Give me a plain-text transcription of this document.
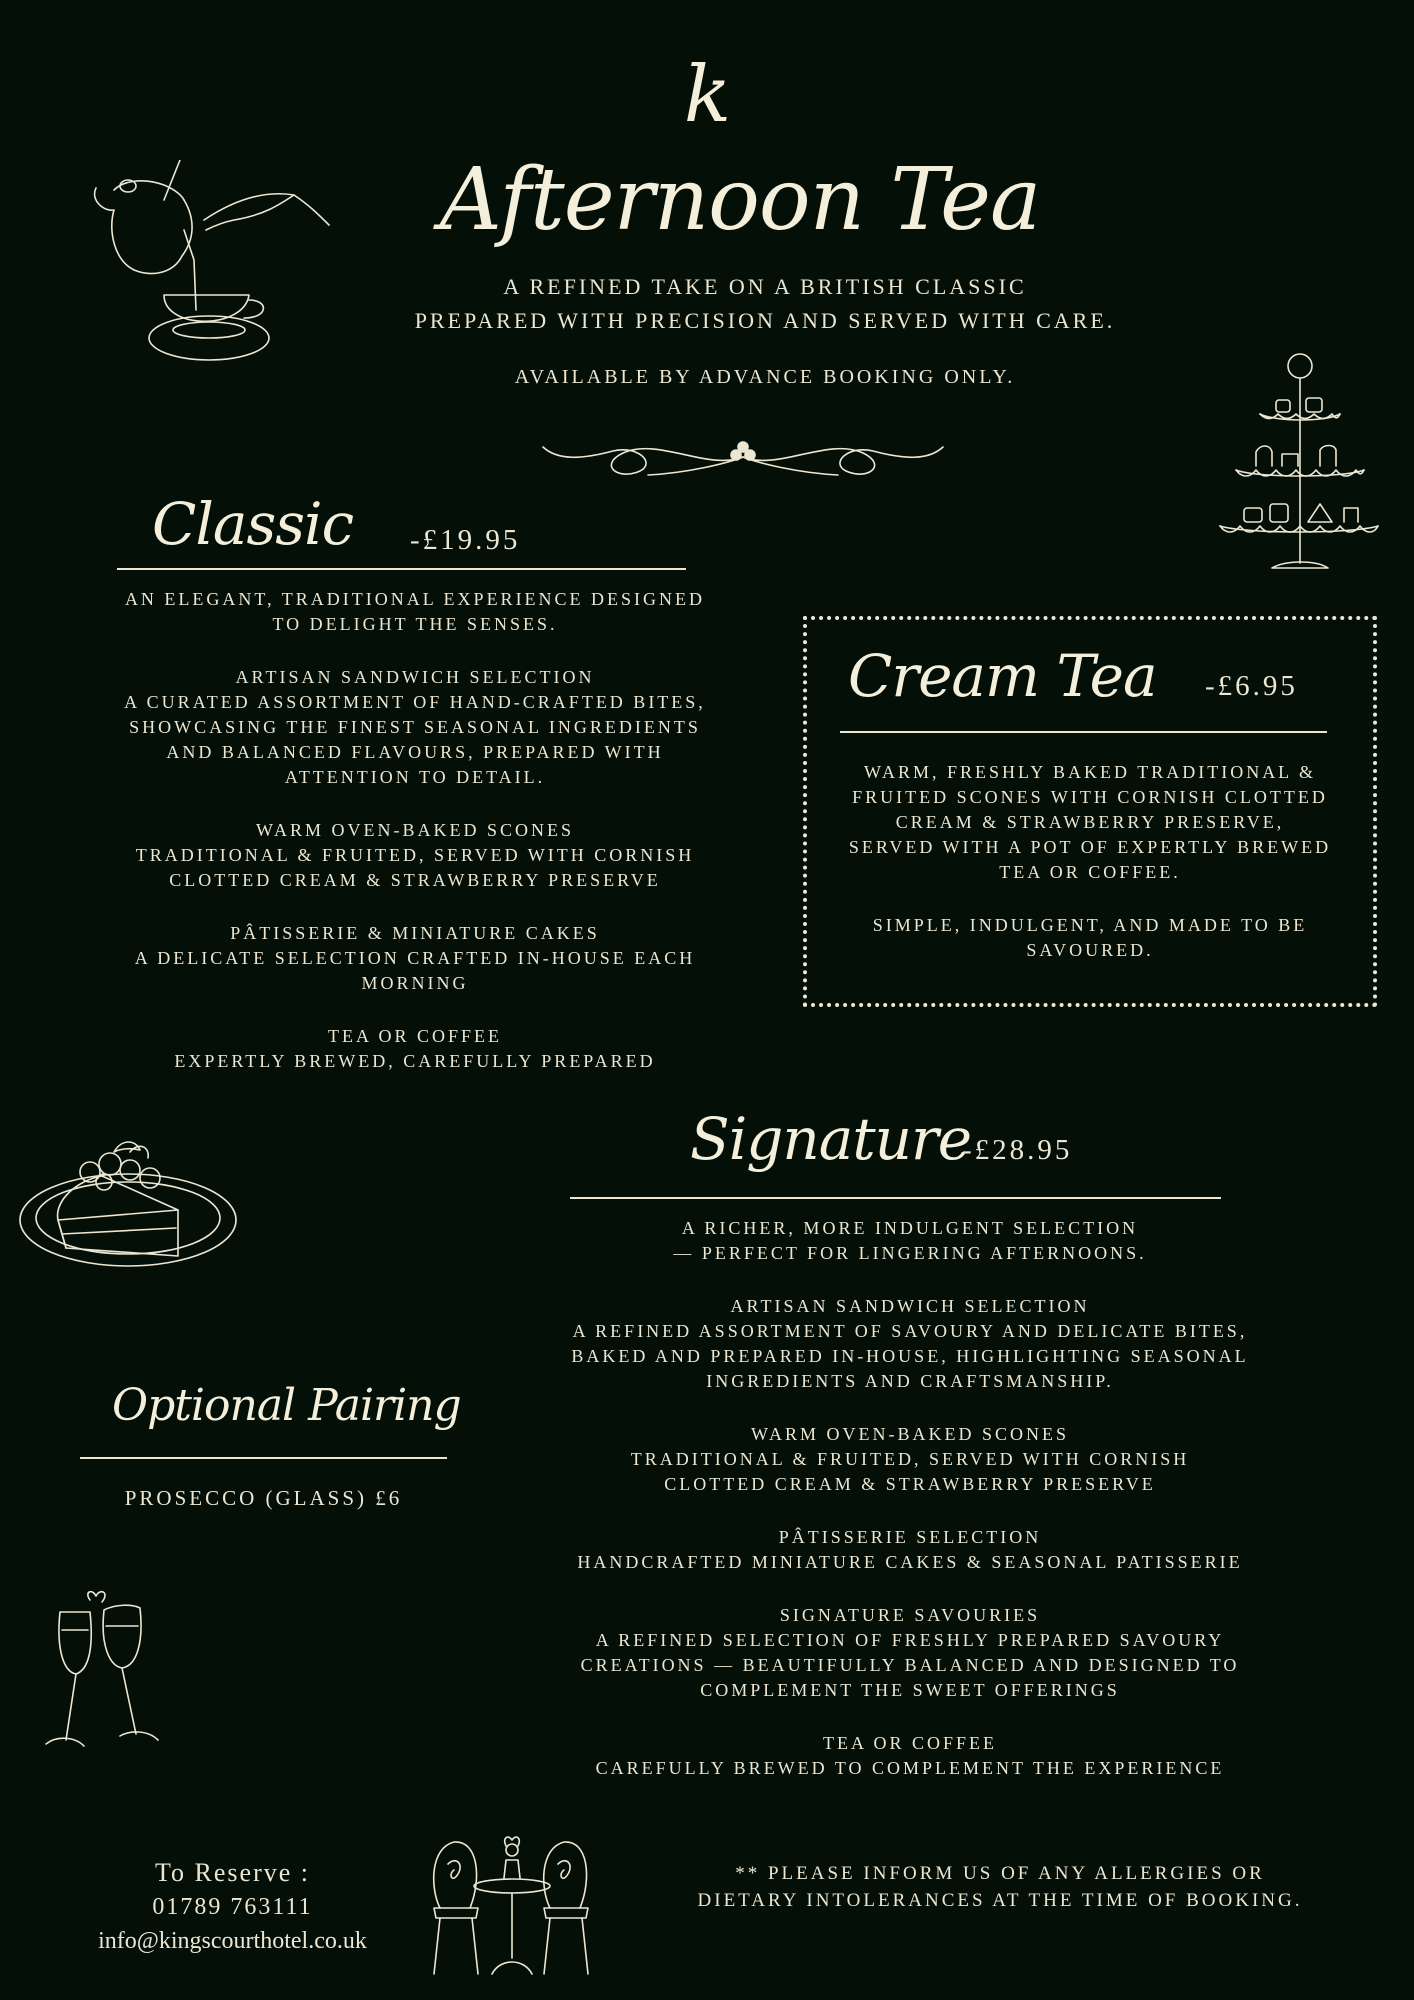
k
Afternoon Tea
A REFINED TAKE ON A BRITISH CLASSIC
PREPARED WITH PRECISION AND SERVED WITH CARE.
AVAILABLE BY ADVANCE BOOKING ONLY.
Classic -£19.95

AN ELEGANT, TRADITIONAL EXPERIENCE DESIGNED
TO DELIGHT THE SENSES.

ARTISAN SANDWICH SELECTION
A CURATED ASSORTMENT OF HAND-CRAFTED BITES,
SHOWCASING THE FINEST SEASONAL INGREDIENTS
AND BALANCED FLAVOURS, PREPARED WITH
ATTENTION TO DETAIL.

WARM OVEN-BAKED SCONES
TRADITIONAL & FRUITED, SERVED WITH CORNISH
CLOTTED CREAM & STRAWBERRY PRESERVE

PÂTISSERIE & MINIATURE CAKES
A DELICATE SELECTION CRAFTED IN-HOUSE EACH
MORNING

TEA OR COFFEE
EXPERTLY BREWED, CAREFULLY PREPARED

Cream Tea -£6.95

WARM, FRESHLY BAKED TRADITIONAL &
FRUITED SCONES WITH CORNISH CLOTTED
CREAM & STRAWBERRY PRESERVE,
SERVED WITH A POT OF EXPERTLY BREWED
TEA OR COFFEE.

SIMPLE, INDULGENT, AND MADE TO BE
SAVOURED.

Signature
-£28.95

A RICHER, MORE INDULGENT SELECTION
— PERFECT FOR LINGERING AFTERNOONS.

ARTISAN SANDWICH SELECTION
A REFINED ASSORTMENT OF SAVOURY AND DELICATE BITES,
BAKED AND PREPARED IN-HOUSE, HIGHLIGHTING SEASONAL
INGREDIENTS AND CRAFTSMANSHIP.

WARM OVEN-BAKED SCONES
TRADITIONAL & FRUITED, SERVED WITH CORNISH
CLOTTED CREAM & STRAWBERRY PRESERVE

PÂTISSERIE SELECTION
HANDCRAFTED MINIATURE CAKES & SEASONAL PATISSERIE

SIGNATURE SAVOURIES
A REFINED SELECTION OF FRESHLY PREPARED SAVOURY
CREATIONS — BEAUTIFULLY BALANCED AND DESIGNED TO
COMPLEMENT THE SWEET OFFERINGS

TEA OR COFFEE
CAREFULLY BREWED TO COMPLEMENT THE EXPERIENCE

Optional Pairing
PROSECCO (GLASS) £6
To Reserve :
01789 763111
info@kingscourthotel.co.uk
** PLEASE INFORM US OF ANY ALLERGIES OR
DIETARY INTOLERANCES AT THE TIME OF BOOKING.
